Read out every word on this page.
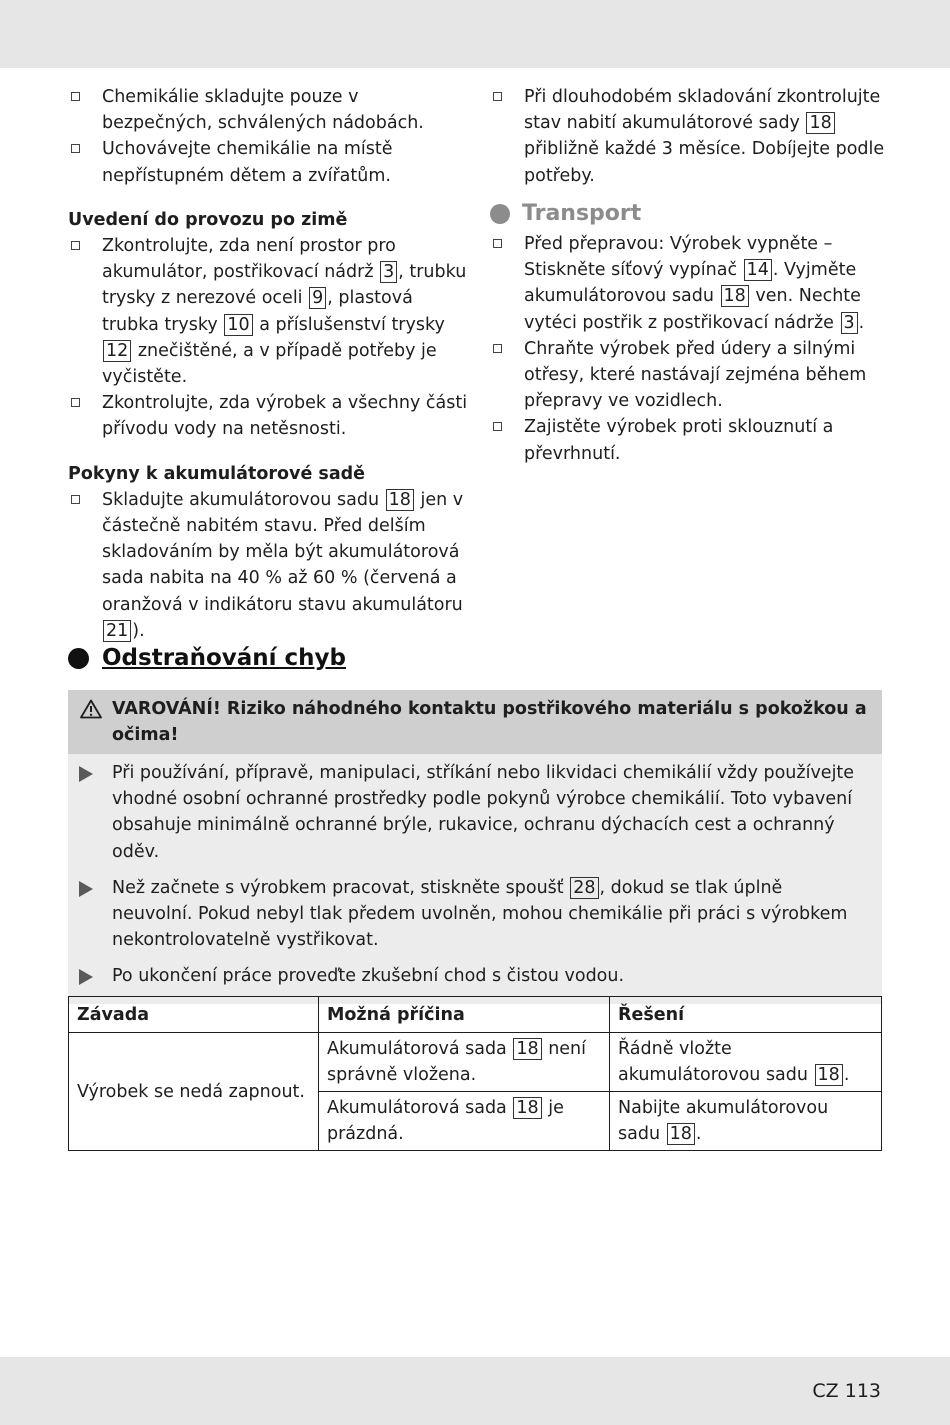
Chemikálie skladujte pouze v bezpečných, schválených nádobách.
Uchovávejte chemikálie na místě nepřístupném dětem a zvířatům.
Uvedení do provozu po zimě
Zkontrolujte, zda není prostor pro akumulátor, postřikovací nádrž 3 , trubku trysky z nerezové oceli 9 , plastová trubka trysky 10 a příslušenství trysky 12 znečištěné, a v případě potřeby je vyčistěte.
Zkontrolujte, zda výrobek a všechny části přívodu vody na netěsnosti.
Pokyny k akumulátorové sadě
Skladujte akumulátorovou sadu 18 jen v částečně nabitém stavu. Před delším skladováním by měla být akumulátorová sada nabita na 40 % až 60 % (červená a oranžová v indikátoru stavu akumulátoru 21 ).
Při dlouhodobém skladování zkontrolujte stav nabití akumulátorové sady 18 přibližně každé 3 měsíce. Dobíjejte podle potřeby.
Transport
Před přepravou: Výrobek vypněte – Stiskněte síťový vypínač 14 . Vyjměte akumulátorovou sadu 18 ven. Nechte vytéci postřik z postřikovací nádrže 3 .
Chraňte výrobek před údery a silnými otřesy, které nastávají zejména během přepravy ve vozidlech.
Zajistěte výrobek proti sklouznutí a převrhnutí.
Odstraňování chyb
VAROVÁNÍ! Riziko náhodného kontaktu postřikového materiálu s pokožkou a očima!
Při používání, přípravě, manipulaci, stříkání nebo likvidaci chemikálií vždy používejte vhodné osobní ochranné prostředky podle pokynů výrobce chemikálií. Toto vybavení obsahuje minimálně ochranné brýle, rukavice, ochranu dýchacích cest a ochranný oděv.
Než začnete s výrobkem pracovat, stiskněte spoušť 28 , dokud se tlak úplně neuvolní. Pokud nebyl tlak předem uvolněn, mohou chemikálie při práci s výrobkem nekontrolovatelně vystřikovat.
Po ukončení práce proveďte zkušební chod s čistou vodou.
Závada	Možná příčina	Řešení
Výrobek se nedá zapnout.	Akumulátorová sada 18 není správně vložena.	Řádně vložte akumulátorovou sadu 18 .
	Akumulátorová sada 18 je prázdná.	Nabijte akumulátorovou sadu 18 .
CZ 113
